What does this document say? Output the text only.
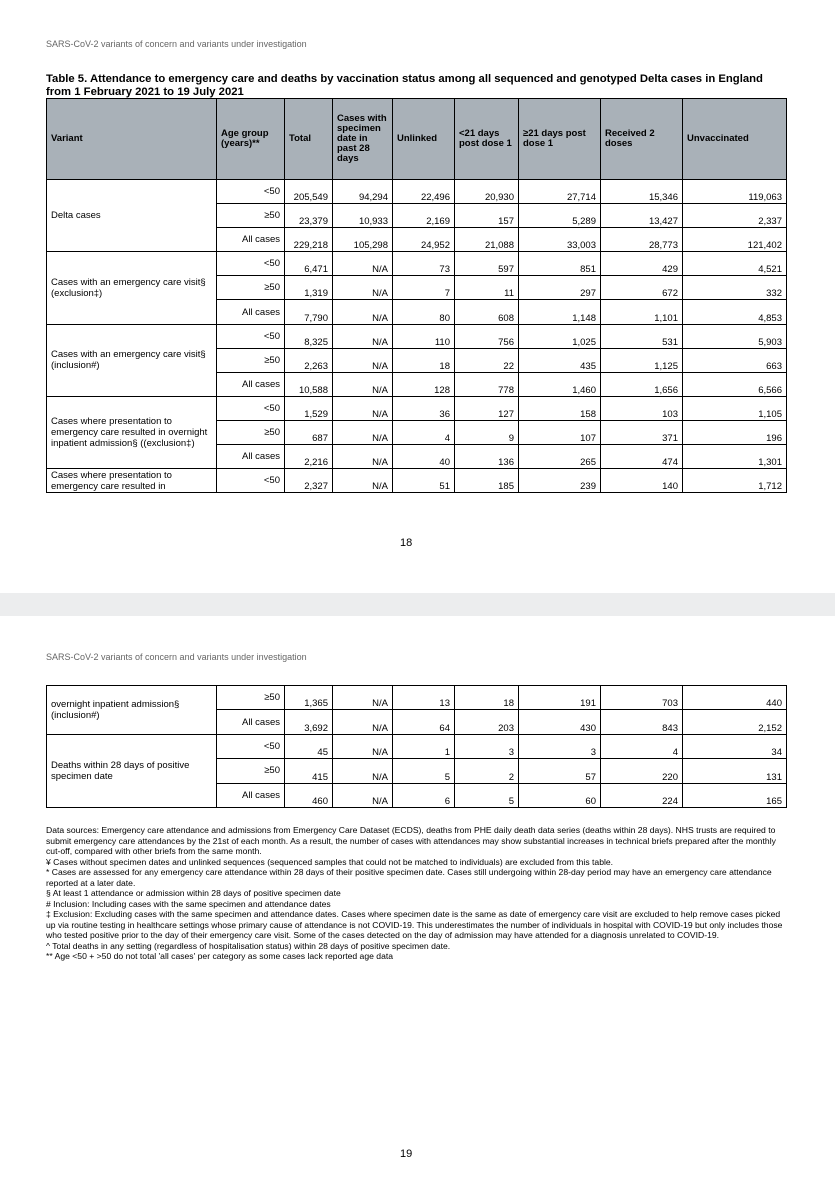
SARS-CoV-2 variants of concern and variants under investigation
Table 5. Attendance to emergency care and deaths by vaccination status among all sequenced and genotyped Delta cases in England from 1 February 2021 to 19 July 2021
Variant	Age group (years)**	Total	Cases with specimen date in past 28 days	Unlinked	<21 days post dose 1	≥21 days post dose 1	Received 2 doses	Unvaccinated
Delta cases	<50	205,549	94,294	22,496	20,930	27,714	15,346	119,063
	≥50	23,379	10,933	2,169	157	5,289	13,427	2,337
	All cases	229,218	105,298	24,952	21,088	33,003	28,773	121,402
Cases with an emergency care visit§ (exclusion‡)	<50	6,471	N/A	73	597	851	429	4,521
	≥50	1,319	N/A	7	11	297	672	332
	All cases	7,790	N/A	80	608	1,148	1,101	4,853
Cases with an emergency care visit§ (inclusion#)	<50	8,325	N/A	110	756	1,025	531	5,903
	≥50	2,263	N/A	18	22	435	1,125	663
	All cases	10,588	N/A	128	778	1,460	1,656	6,566
Cases where presentation to emergency care resulted in overnight inpatient admission§ ((exclusion‡)	<50	1,529	N/A	36	127	158	103	1,105
	≥50	687	N/A	4	9	107	371	196
	All cases	2,216	N/A	40	136	265	474	1,301
Cases where presentation to emergency care resulted in	<50	2,327	N/A	51	185	239	140	1,712
18
SARS-CoV-2 variants of concern and variants under investigation
overnight inpatient admission§ (inclusion#)	≥50	1,365	N/A	13	18	191	703	440
	All cases	3,692	N/A	64	203	430	843	2,152
Deaths within 28 days of positive specimen date	<50	45	N/A	1	3	3	4	34
	≥50	415	N/A	5	2	57	220	131
	All cases	460	N/A	6	5	60	224	165

Data sources: Emergency care attendance and admissions from Emergency Care Dataset (ECDS), deaths from PHE daily death data series (deaths within 28 days). NHS trusts are required to submit emergency care attendances by the 21st of each month. As a result, the number of cases with attendances may show substantial increases in technical briefs prepared after the monthly cut-off, compared with other briefs from the same month.

¥ Cases without specimen dates and unlinked sequences (sequenced samples that could not be matched to individuals) are excluded from this table.

* Cases are assessed for any emergency care attendance within 28 days of their positive specimen date. Cases still undergoing within 28-day period may have an emergency care attendance reported at a later date.

§ At least 1 attendance or admission within 28 days of positive specimen date

# Inclusion: Including cases with the same specimen and attendance dates

‡ Exclusion: Excluding cases with the same specimen and attendance dates. Cases where specimen date is the same as date of emergency care visit are excluded to help remove cases picked up via routine testing in healthcare settings whose primary cause of attendance is not COVID-19. This underestimates the number of individuals in hospital with COVID-19 but only includes those who tested positive prior to the day of their emergency care visit. Some of the cases detected on the day of admission may have attended for a diagnosis unrelated to COVID-19.

^ Total deaths in any setting (regardless of hospitalisation status) within 28 days of positive specimen date.

** Age <50 + >50 do not total 'all cases' per category as some cases lack reported age data

19
